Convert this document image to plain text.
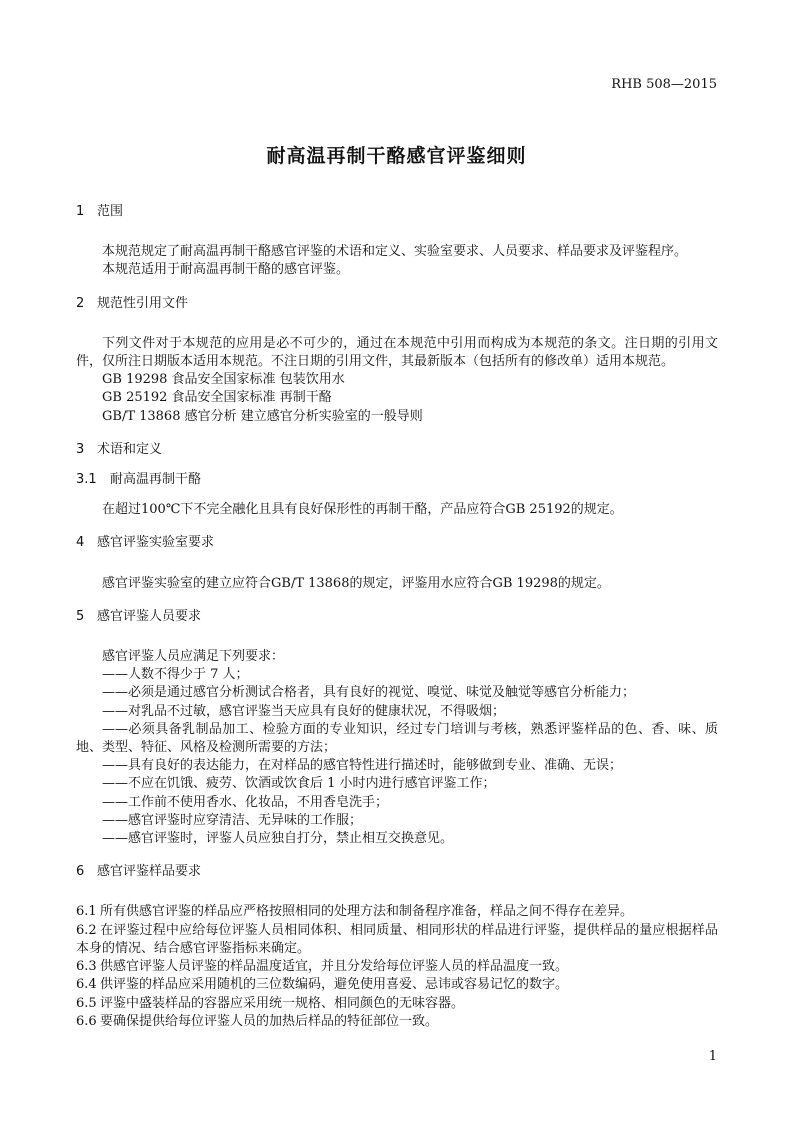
RHB 508—2015
耐高温再制干酪感官评鉴细则
1 范围

本规范规定了耐高温再制干酪感官评鉴的术语和定义、实验室要求、人员要求、样品要求及评鉴程序。

本规范适用于耐高温再制干酪的感官评鉴。

2 规范性引用文件

下列文件对于本规范的应用是必不可少的，通过在本规范中引用而构成为本规范的条文。注日期的引用文件，仅所注日期版本适用本规范。不注日期的引用文件，其最新版本（包括所有的修改单）适用本规范。

GB 19298 食品安全国家标准 包装饮用水

GB 25192 食品安全国家标准 再制干酪

GB/T 13868 感官分析 建立感官分析实验室的一般导则

3 术语和定义
3.1 耐高温再制干酪

在超过100℃下不完全融化且具有良好保形性的再制干酪，产品应符合GB 25192的规定。

4 感官评鉴实验室要求

感官评鉴实验室的建立应符合GB/T 13868的规定，评鉴用水应符合GB 19298的规定。

5 感官评鉴人员要求

感官评鉴人员应满足下列要求：

——人数不得少于 7 人；

——必须是通过感官分析测试合格者，具有良好的视觉、嗅觉、味觉及触觉等感官分析能力；

——对乳品不过敏，感官评鉴当天应具有良好的健康状况，不得吸烟；

——必须具备乳制品加工、检验方面的专业知识，经过专门培训与考核，熟悉评鉴样品的色、香、味、质地、类型、特征、风格及检测所需要的方法；

——具有良好的表达能力，在对样品的感官特性进行描述时，能够做到专业、准确、无误；

——不应在饥饿、疲劳、饮酒或饮食后 1 小时内进行感官评鉴工作；

——工作前不使用香水、化妆品，不用香皂洗手；

——感官评鉴时应穿清洁、无异味的工作服；

——感官评鉴时，评鉴人员应独自打分，禁止相互交换意见。

6 感官评鉴样品要求

6.1 所有供感官评鉴的样品应严格按照相同的处理方法和制备程序准备，样品之间不得存在差异。

6.2 在评鉴过程中应给每位评鉴人员相同体积、相同质量、相同形状的样品进行评鉴，提供样品的量应根据样品本身的情况、结合感官评鉴指标来确定。

6.3 供感官评鉴人员评鉴的样品温度适宜，并且分发给每位评鉴人员的样品温度一致。

6.4 供评鉴的样品应采用随机的三位数编码，避免使用喜爱、忌讳或容易记忆的数字。

6.5 评鉴中盛装样品的容器应采用统一规格、相同颜色的无味容器。

6.6 要确保提供给每位评鉴人员的加热后样品的特征部位一致。

1
